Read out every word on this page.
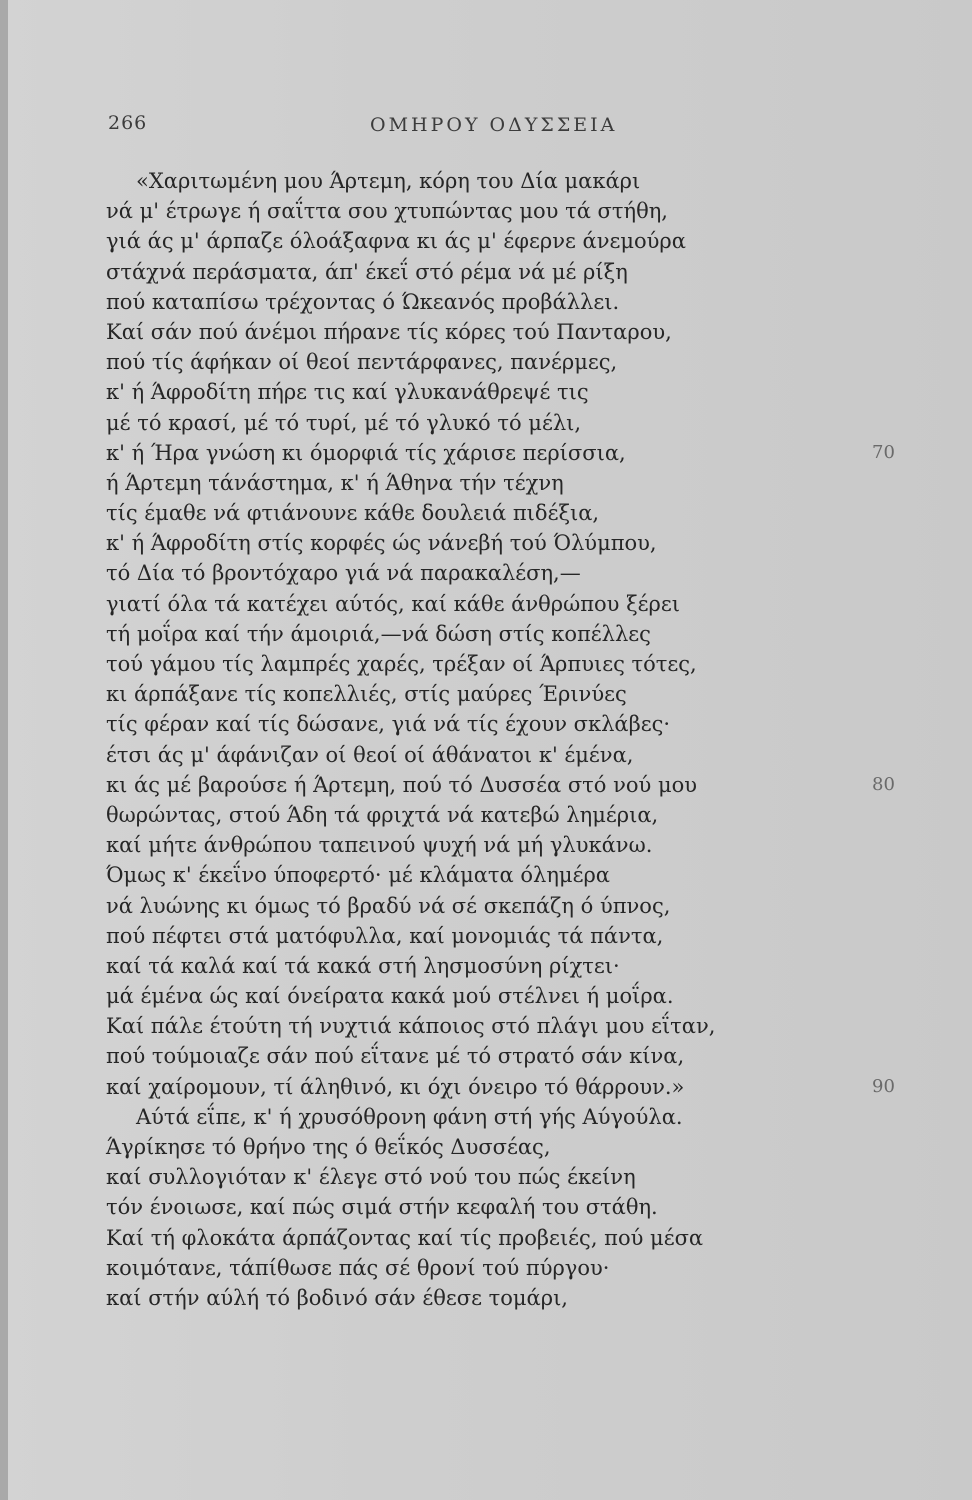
266	ΟΜΗΡΟΥ ΟΔΥΣΣΕΙΑ
«Χαριτωμένη μου Άρτεμη, κόρη του Δία μακάρι
νά μ' έτρωγε ή σαΐττα σου χτυπώντας μου τά στήθη,
γιά άς μ' άρπαζε όλοάξαφνα κι άς μ' έφερνε άνεμούρα
στάχνά περάσματα, άπ' έκεΐ στό ρέμα νά μέ ρίξη
πού καταπίσω τρέχοντας ό Ώκεανός προβάλλει.
Καί σάν πού άνέμοι πήρανε τίς κόρες τού Πανταρου,
πού τίς άφήκαν οί θεοί πεντάρφανες, πανέρμες,
κ' ή Άφροδίτη πήρε τις καί γλυκανάθρεψέ τις
μέ τό κρασί, μέ τό τυρί, μέ τό γλυκό τό μέλι,
κ' ή Ήρα γνώση κι όμορφιά τίς χάρισε περίσσια,	70
ή Άρτεμη τάνάστημα, κ' ή Άθηνα τήν τέχνη
τίς έμαθε νά φτιάνουνε κάθε δουλειά πιδέξια,
κ' ή Άφροδίτη στίς κορφές ώς νάνεβή τού Όλύμπου,
τό Δία τό βροντόχαρο γιά νά παρακαλέση,—
γιατί όλα τά κατέχει αύτός, καί κάθε άνθρώπου ξέρει
τή μοΐρα καί τήν άμοιριά,—νά δώση στίς κοπέλλες
τού γάμου τίς λαμπρές χαρές, τρέξαν οί Άρπυιες τότες,
κι άρπάξανε τίς κοπελλιές, στίς μαύρες Έρινύες
τίς φέραν καί τίς δώσανε, γιά νά τίς έχουν σκλάβες·
έτσι άς μ' άφάνιζαν οί θεοί οί άθάνατοι κ' έμένα,
κι άς μέ βαρούσε ή Άρτεμη, πού τό Δυσσέα στό νού μου	80
θωρώντας, στού Άδη τά φριχτά νά κατεβώ λημέρια,
καί μήτε άνθρώπου ταπεινού ψυχή νά μή γλυκάνω.
Όμως κ' έκεΐνο ύποφερτό· μέ κλάματα όλημέρα
νά λυώνης κι όμως τό βραδύ νά σέ σκεπάζη ό ύπνος,
πού πέφτει στά ματόφυλλα, καί μονομιάς τά πάντα,
καί τά καλά καί τά κακά στή λησμοσύνη ρίχτει·
μά έμένα ώς καί όνείρατα κακά μού στέλνει ή μοΐρα.
Καί πάλε έτούτη τή νυχτιά κάποιος στό πλάγι μου εΐταν,
πού τούμοιαζε σάν πού εΐτανε μέ τό στρατό σάν κίνα,
καί χαίρομουν, τί άληθινό, κι όχι όνειρο τό θάρρουν.»	90
Αύτά εΐπε, κ' ή χρυσόθρονη φάνη στή γής Αύγούλα.
Άγρίκησε τό θρήνο της ό θεΐκός Δυσσέας,
καί συλλογιόταν κ' έλεγε στό νού του πώς έκείνη
τόν ένοιωσε, καί πώς σιμά στήν κεφαλή του στάθη.
Καί τή φλοκάτα άρπάζοντας καί τίς προβειές, πού μέσα
κοιμότανε, τάπίθωσε πάς σέ θρονί τού πύργου·
καί στήν αύλή τό βοδινό σάν έθεσε τομάρι,
